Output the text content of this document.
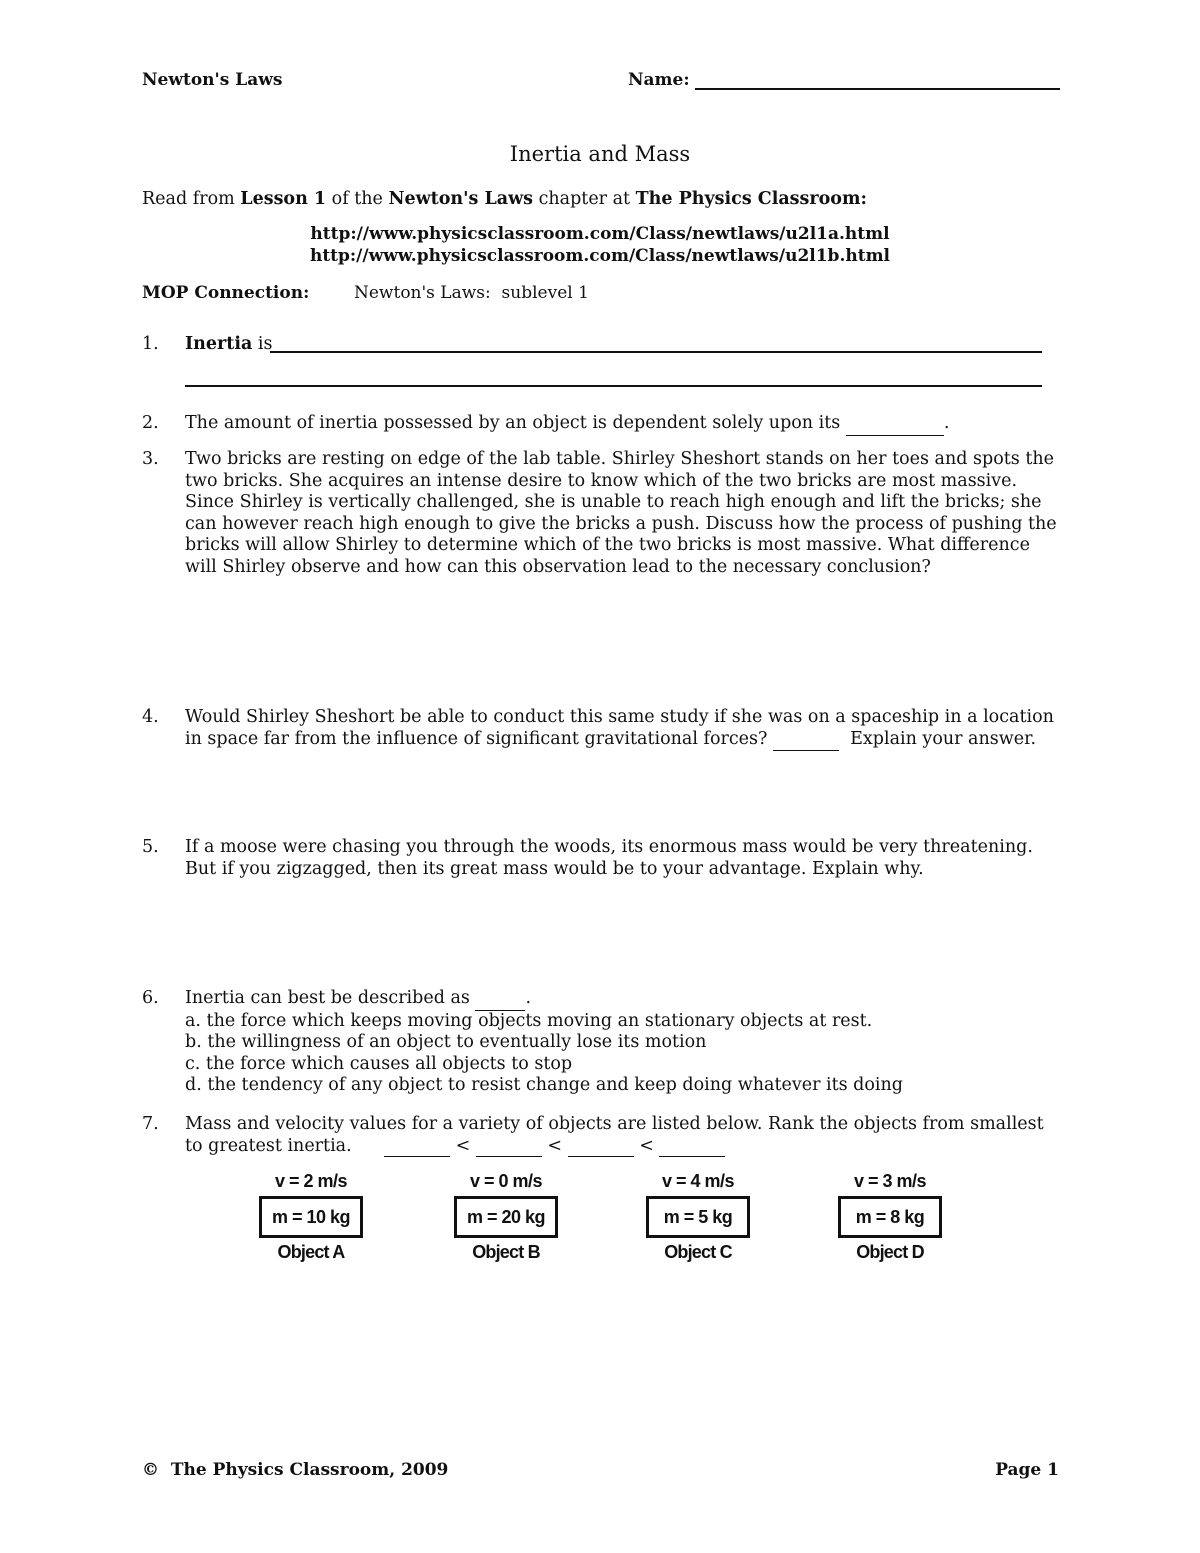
Newton's Laws	Name:
Inertia and Mass
Read from Lesson 1 of the Newton's Laws chapter at The Physics Classroom:
http://www.physicsclassroom.com/Class/newtlaws/u2l1a.html
http://www.physicsclassroom.com/Class/newtlaws/u2l1b.html
MOP Connection:	Newton's Laws:  sublevel 1
1. Inertia is
2. The amount of inertia possessed by an object is dependent solely upon its	.
3. Two bricks are resting on edge of the lab table. Shirley Sheshort stands on her toes and spots the two bricks. She acquires an intense desire to know which of the two bricks are most massive. Since Shirley is vertically challenged, she is unable to reach high enough and lift the bricks; she can however reach high enough to give the bricks a push. Discuss how the process of pushing the bricks will allow Shirley to determine which of the two bricks is most massive. What difference will Shirley observe and how can this observation lead to the necessary conclusion?
4. Would Shirley Sheshort be able to conduct this same study if she was on a spaceship in a location in space far from the influence of significant gravitational forces?	Explain your answer.
5. If a moose were chasing you through the woods, its enormous mass would be very threatening. But if you zigzagged, then its great mass would be to your advantage. Explain why.
6. Inertia can best be described as	.
a. the force which keeps moving objects moving an stationary objects at rest.
b. the willingness of an object to eventually lose its motion
c. the force which causes all objects to stop
d. the tendency of any object to resist change and keep doing whatever its doing
7. Mass and velocity values for a variety of objects are listed below. Rank the objects from smallest to greatest inertia.	<	<	<
v = 2 m/s
m = 10 kg
Object A
v = 0 m/s
m = 20 kg
Object B
v = 4 m/s
m = 5 kg
Object C
v = 3 m/s
m = 8 kg
Object D
©  The Physics Classroom, 2009	Page 1
